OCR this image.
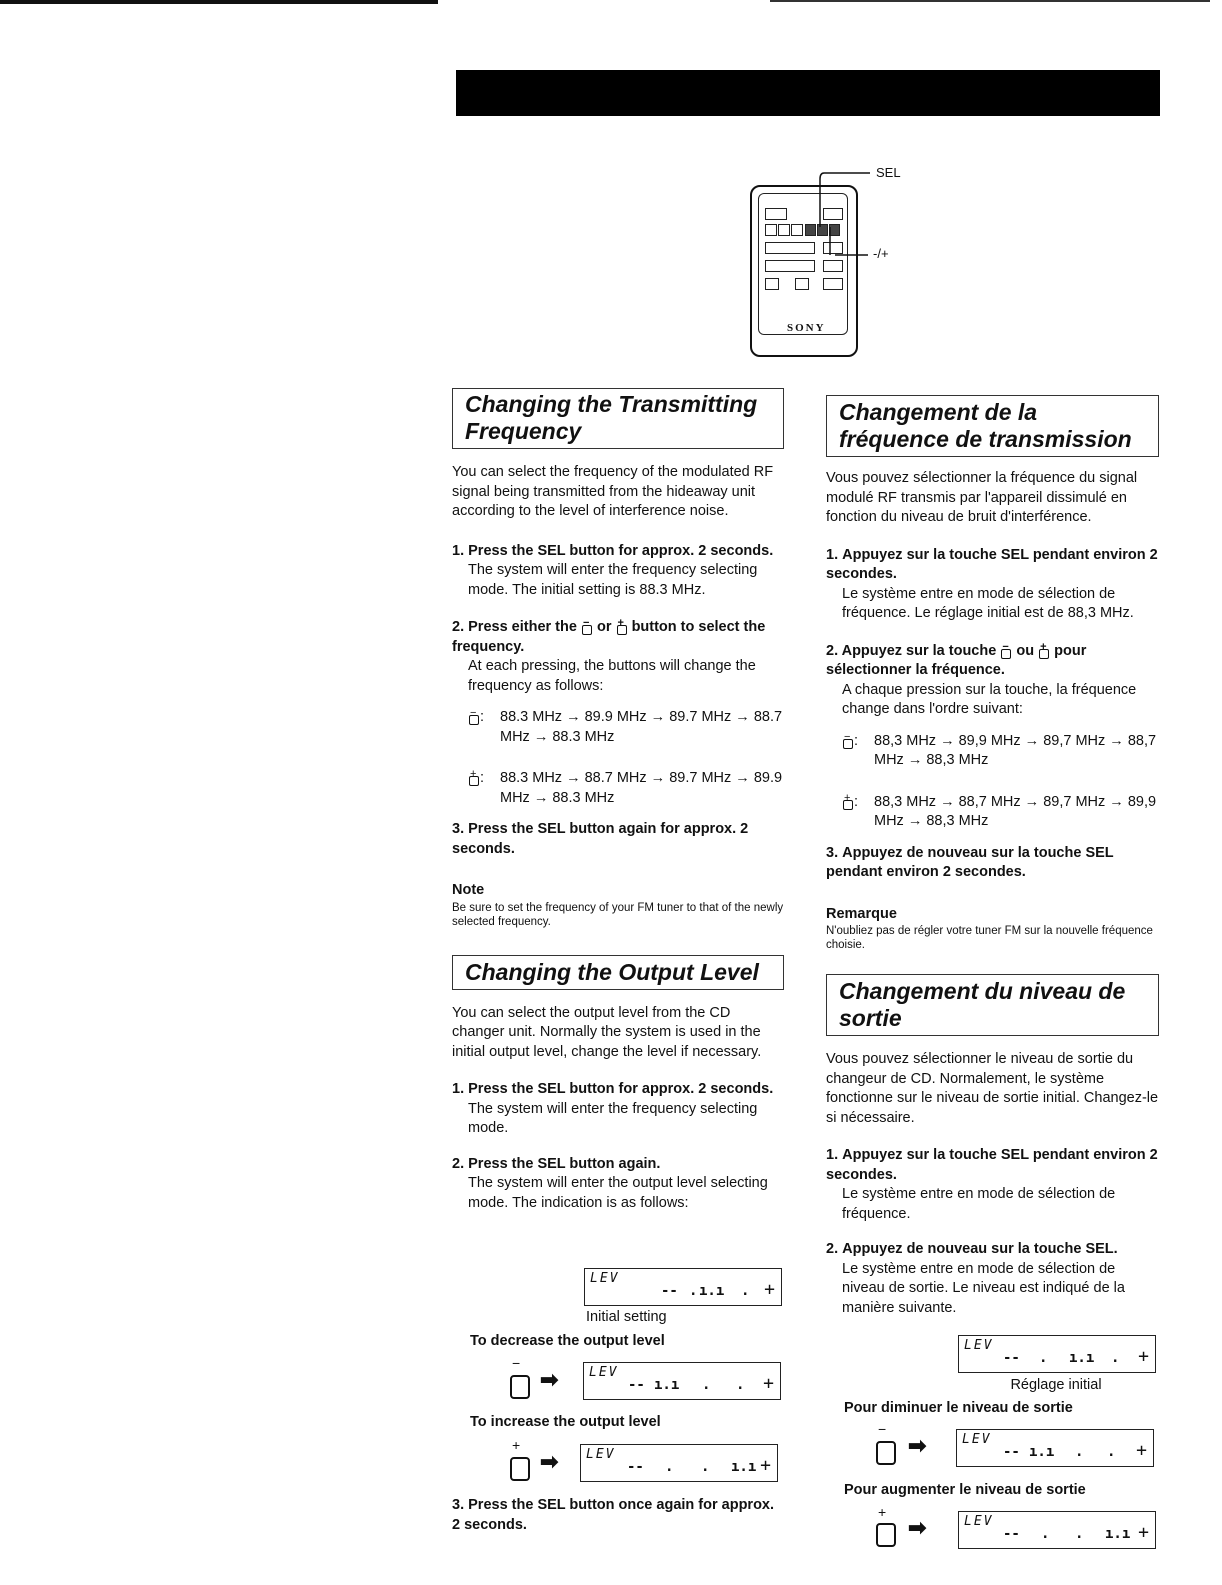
SONY
SEL
-/+
Changing the Transmitting
Frequency

You can select the frequency of the modulated RF signal being transmitted from the hideaway unit according to the level of interference noise.

1. Press the SEL button for approx. 2 seconds.
The system will enter the frequency selecting mode. The initial setting is 88.3 MHz.
2. Press either the − or + button to select the frequency.
At each pressing, the buttons will change the frequency as follows:
− : 88.3 MHz → 89.9 MHz → 89.7 MHz → 88.7 MHz → 88.3 MHz
+ : 88.3 MHz → 88.7 MHz → 89.7 MHz → 89.9 MHz → 88.3 MHz
3. Press the SEL button again for approx. 2 seconds.
Note
Be sure to set the frequency of your FM tuner to that of the newly selected frequency.
Changing the Output Level

You can select the output level from the CD changer unit. Normally the system is used in the initial output level, change the level if necessary.

1. Press the SEL button for approx. 2 seconds.
The system will enter the frequency selecting mode.
2. Press the SEL button again.
The system will enter the output level selecting mode. The indication is as follows:
LEV
-- . ı.ı . +
Initial setting
To decrease the output level
−
➡ LEV
-- ı.ı . . +
To increase the output level
+
➡ LEV
-- . . ı.ı +
3. Press the SEL button once again for approx. 2 seconds.
Changement de la
fréquence de transmission

Vous pouvez sélectionner la fréquence du signal modulé RF transmis par l'appareil dissimulé en fonction du niveau de bruit d'interférence.

1. Appuyez sur la touche SEL pendant environ 2 secondes.
Le système entre en mode de sélection de fréquence. Le réglage initial est de 88,3 MHz.
2. Appuyez sur la touche − ou + pour sélectionner la fréquence.
A chaque pression sur la touche, la fréquence change dans l'ordre suivant:
− : 88,3 MHz → 89,9 MHz → 89,7 MHz → 88,7 MHz → 88,3 MHz
+ : 88,3 MHz → 88,7 MHz → 89,7 MHz → 89,9 MHz → 88,3 MHz
3. Appuyez de nouveau sur la touche SEL pendant environ 2 secondes.
Remarque
N'oubliez pas de régler votre tuner FM sur la nouvelle fréquence choisie.
Changement du niveau de
sortie

Vous pouvez sélectionner le niveau de sortie du changeur de CD. Normalement, le système fonctionne sur le niveau de sortie initial. Changez-le si nécessaire.

1. Appuyez sur la touche SEL pendant environ 2 secondes.
Le système entre en mode de sélection de fréquence.
2. Appuyez de nouveau sur la touche SEL.
Le système entre en mode de sélection de niveau de sortie. Le niveau est indiqué de la manière suivante.
LEV
-- . ı.ı . +
Réglage initial
Pour diminuer le niveau de sortie
−
➡	LEV
-- ı.ı . . +
Pour augmenter le niveau de sortie
+
➡	LEV
-- . . ı.ı +
